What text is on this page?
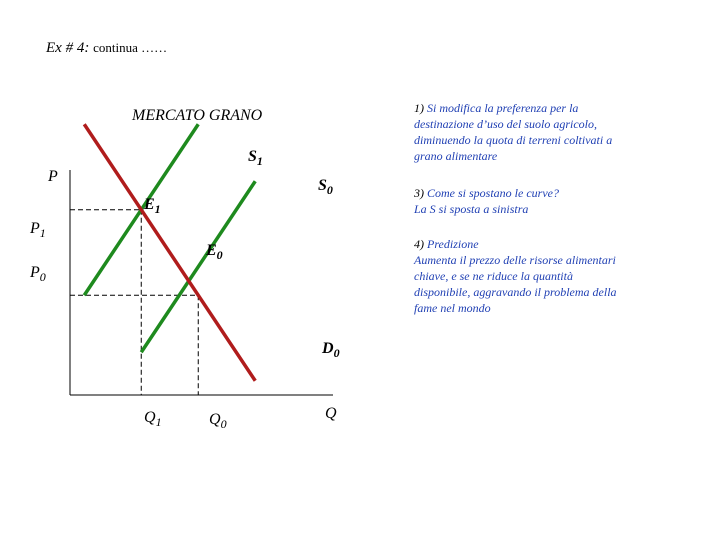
Ex # 4: continua ……
MERCATO GRANO	1) Si modifica la preferenza per la
destinazione d’uso del suolo agricolo,
diminuendo la quota di terreni coltivati a
grano alimentare
3) Come si spostano le curve?
La S si sposta a sinistra
4) Predizione
Aumenta il prezzo delle risorse alimentari
chiave, e se ne riduce la quantità
disponibile, aggravando il problema della
fame nel mondo
P
Q
$S_1$
$S_0$
$D_0$
$E_1$
$E_0$
$P_1$
$P_0$
$Q_1$	$Q_0$
